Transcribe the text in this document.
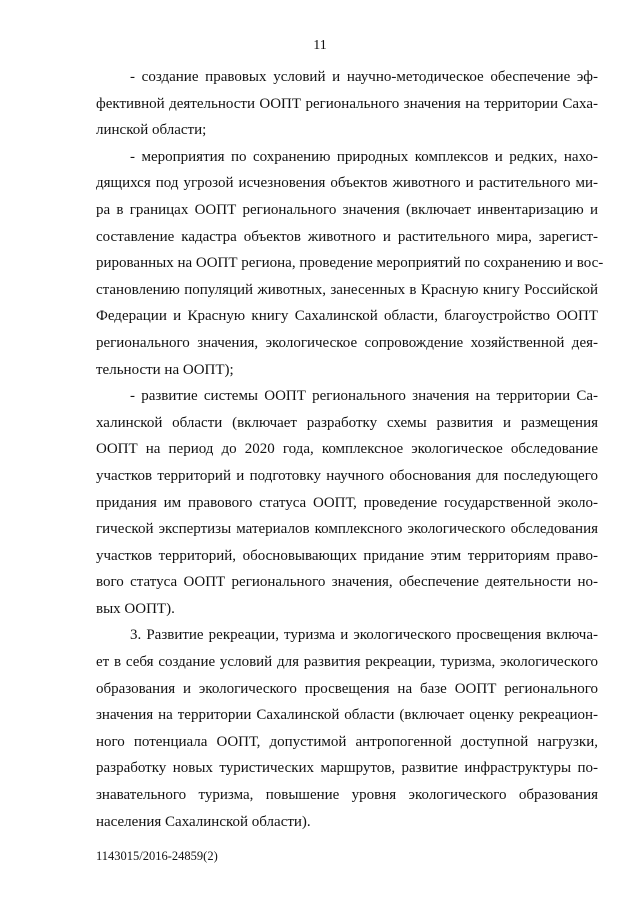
11
- создание правовых условий и научно-методическое обеспечение эф-
фективной деятельности ООПТ регионального значения на территории Саха-
линской области;
- мероприятия по сохранению природных комплексов и редких, нахо-
дящихся под угрозой исчезновения объектов животного и растительного ми-
ра в границах ООПТ регионального значения (включает инвентаризацию и
составление кадастра объектов животного и растительного мира, зарегист-
рированных на ООПТ региона, проведение мероприятий по сохранению и вос-
становлению популяций животных, занесенных в Красную книгу Российской
Федерации и Красную книгу Сахалинской области, благоустройство ООПТ
регионального значения, экологическое сопровождение хозяйственной дея-
тельности на ООПТ);
- развитие системы ООПТ регионального значения на территории Са-
халинской области (включает разработку схемы развития и размещения
ООПТ на период до 2020 года, комплексное экологическое обследование
участков территорий и подготовку научного обоснования для последующего
придания им правового статуса ООПТ, проведение государственной эколо-
гической экспертизы материалов комплексного экологического обследования
участков территорий, обосновывающих придание этим территориям право-
вого статуса ООПТ регионального значения, обеспечение деятельности но-
вых ООПТ).
3. Развитие рекреации, туризма и экологического просвещения включа-
ет в себя создание условий для развития рекреации, туризма, экологического
образования и экологического просвещения на базе ООПТ регионального
значения на территории Сахалинской области (включает оценку рекреацион-
ного потенциала ООПТ, допустимой антропогенной доступной нагрузки,
разработку новых туристических маршрутов, развитие инфраструктуры по-
знавательного туризма, повышение уровня экологического образования
населения Сахалинской области).
1143015/2016-24859(2)
